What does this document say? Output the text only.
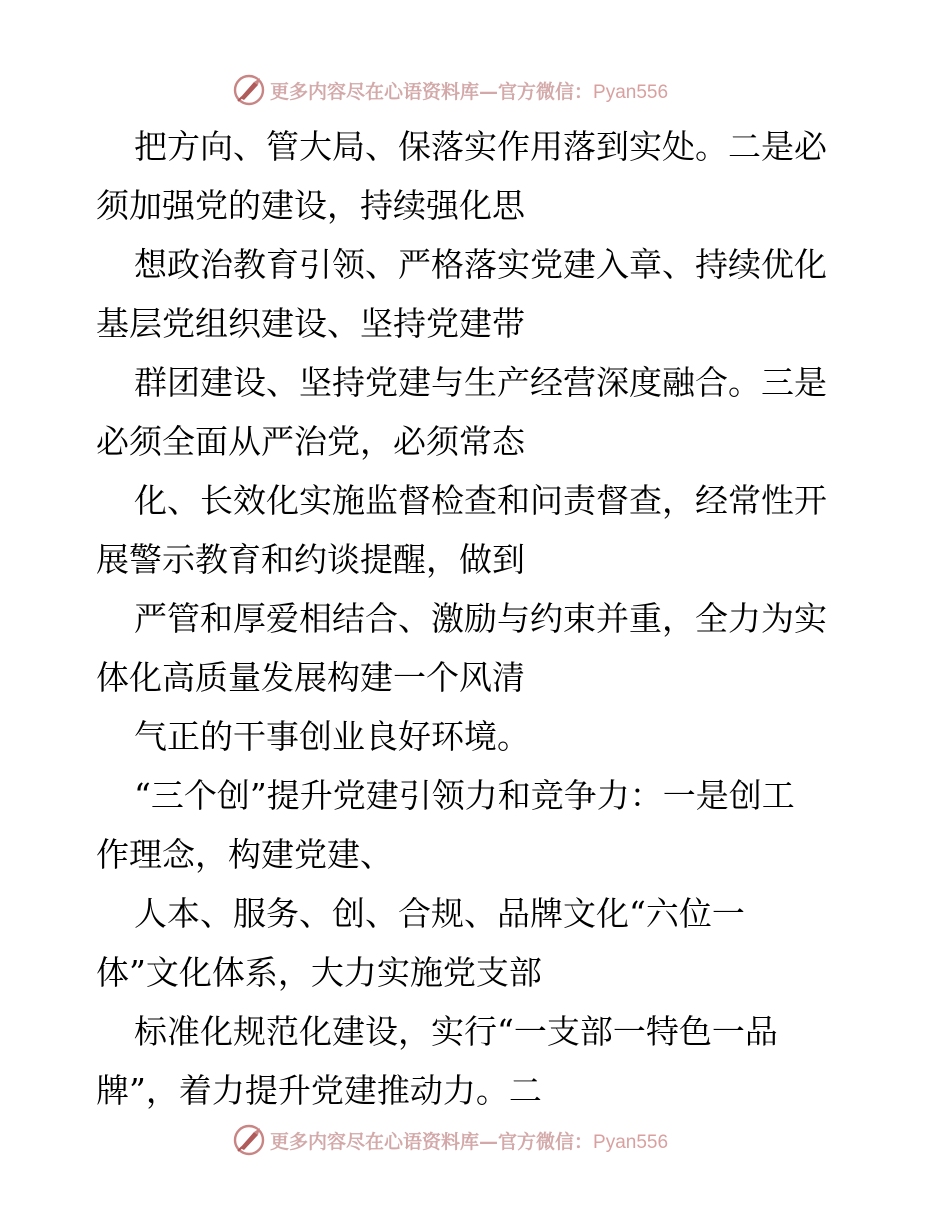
更多内容尽在心语资料库—官方微信：Pyan556
把方向、管大局、保落实作用落到实处。二是必
须加强党的建设，持续强化思
想政治教育引领、严格落实党建入章、持续优化
基层党组织建设、坚持党建带
群团建设、坚持党建与生产经营深度融合。三是
必须全面从严治党，必须常态
化、长效化实施监督检查和问责督查，经常性开
展警示教育和约谈提醒，做到
严管和厚爱相结合、激励与约束并重，全力为实
体化高质量发展构建一个风清
气正的干事创业良好环境。
“三个创”提升党建引领力和竞争力：一是创工
作理念，构建党建、
人本、服务、创、合规、品牌文化“六位一
体”文化体系，大力实施党支部
标准化规范化建设，实行“一支部一特色一品
牌”，着力提升党建推动力。二
更多内容尽在心语资料库—官方微信：Pyan556
